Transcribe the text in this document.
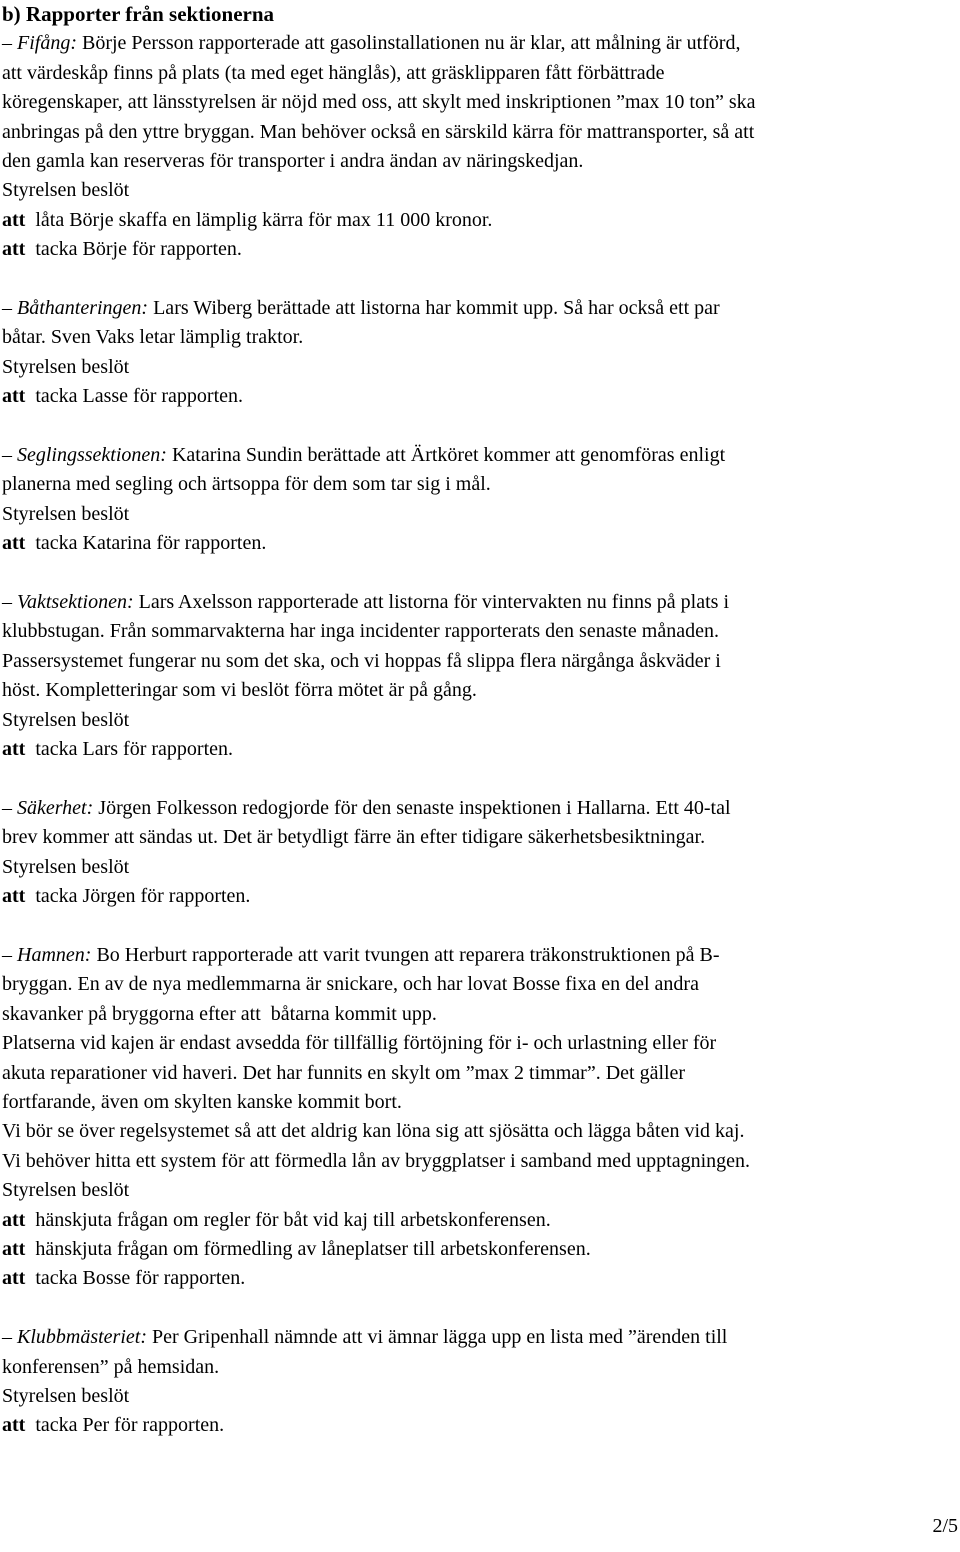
b) Rapporter från sektionerna
– Fifång: Börje Persson rapporterade att gasolinstallationen nu är klar, att målning är utförd,
att värdeskåp finns på plats (ta med eget hänglås), att gräsklipparen fått förbättrade
köregenskaper, att länsstyrelsen är nöjd med oss, att skylt med inskriptionen ”max 10 ton” ska
anbringas på den yttre bryggan. Man behöver också en särskild kärra för mattransporter, så att
den gamla kan reserveras för transporter i andra ändan av näringskedjan.
Styrelsen beslöt
att  låta Börje skaffa en lämplig kärra för max 11 000 kronor.
att  tacka Börje för rapporten.
– Båthanteringen: Lars Wiberg berättade att listorna har kommit upp. Så har också ett par
båtar. Sven Vaks letar lämplig traktor.
Styrelsen beslöt
att  tacka Lasse för rapporten.
– Seglingssektionen: Katarina Sundin berättade att Ärtköret kommer att genomföras enligt
planerna med segling och ärtsoppa för dem som tar sig i mål.
Styrelsen beslöt
att  tacka Katarina för rapporten.
– Vaktsektionen: Lars Axelsson rapporterade att listorna för vintervakten nu finns på plats i
klubbstugan. Från sommarvakterna har inga incidenter rapporterats den senaste månaden.
Passersystemet fungerar nu som det ska, och vi hoppas få slippa flera närgånga åskväder i
höst. Kompletteringar som vi beslöt förra mötet är på gång.
Styrelsen beslöt
att  tacka Lars för rapporten.
– Säkerhet: Jörgen Folkesson redogjorde för den senaste inspektionen i Hallarna. Ett 40-tal
brev kommer att sändas ut. Det är betydligt färre än efter tidigare säkerhetsbesiktningar.
Styrelsen beslöt
att  tacka Jörgen för rapporten.
– Hamnen: Bo Herburt rapporterade att varit tvungen att reparera träkonstruktionen på B-
bryggan. En av de nya medlemmarna är snickare, och har lovat Bosse fixa en del andra
skavanker på bryggorna efter att  båtarna kommit upp.
Platserna vid kajen är endast avsedda för tillfällig förtöjning för i- och urlastning eller för
akuta reparationer vid haveri. Det har funnits en skylt om ”max 2 timmar”. Det gäller
fortfarande, även om skylten kanske kommit bort.
Vi bör se över regelsystemet så att det aldrig kan löna sig att sjösätta och lägga båten vid kaj.
Vi behöver hitta ett system för att förmedla lån av bryggplatser i samband med upptagningen.
Styrelsen beslöt
att  hänskjuta frågan om regler för båt vid kaj till arbetskonferensen.
att  hänskjuta frågan om förmedling av låneplatser till arbetskonferensen.
att  tacka Bosse för rapporten.
– Klubbmästeriet: Per Gripenhall nämnde att vi ämnar lägga upp en lista med ”ärenden till
konferensen” på hemsidan.
Styrelsen beslöt
att  tacka Per för rapporten.
2/5
